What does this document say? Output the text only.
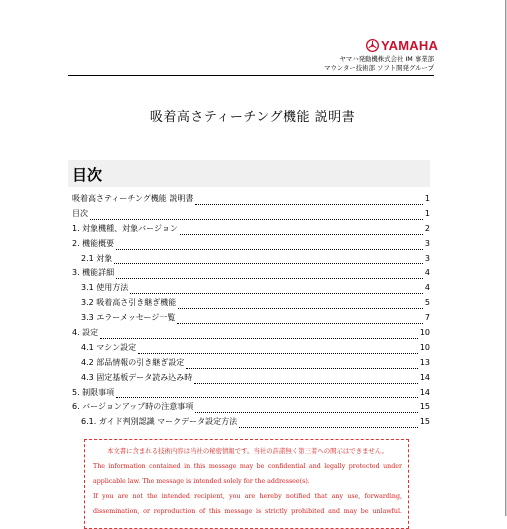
YAMAHA
ヤマハ発動機株式会社 IM 事業部
マウンター技術部 ソフト開発グループ
吸着高さティーチング機能 説明書
目次
吸着高さティーチング機能 説明書	1
目次	1
1. 対象機種、対象バージョン	2
2. 機能概要	3
2.1 対象	3
3. 機能詳細	4
3.1 使用方法	4
3.2 吸着高さ引き継ぎ機能	5
3.3 エラーメッセージ一覧	7
4. 設定	10
4.1 マシン設定	10
4.2 部品情報の引き継ぎ設定	13
4.3 固定基板データ読み込み時	14
5. 制限事項	14
6. バージョンアップ時の注意事項	15
6.1. ガイド判別認識 マークデータ設定方法	15
本文書に含まれる技術内容は当社の秘密情報です。当社の許諾無く第三者への開示はできません。
The information contained in this message may be confidential and legally protected under
applicable law. The message is intended solely for the addressee(s).
If you are not the intended recipient, you are hereby notified that any use, forwarding,
dissemination, or reproduction of this message is strictly prohibited and may be unlawful.
